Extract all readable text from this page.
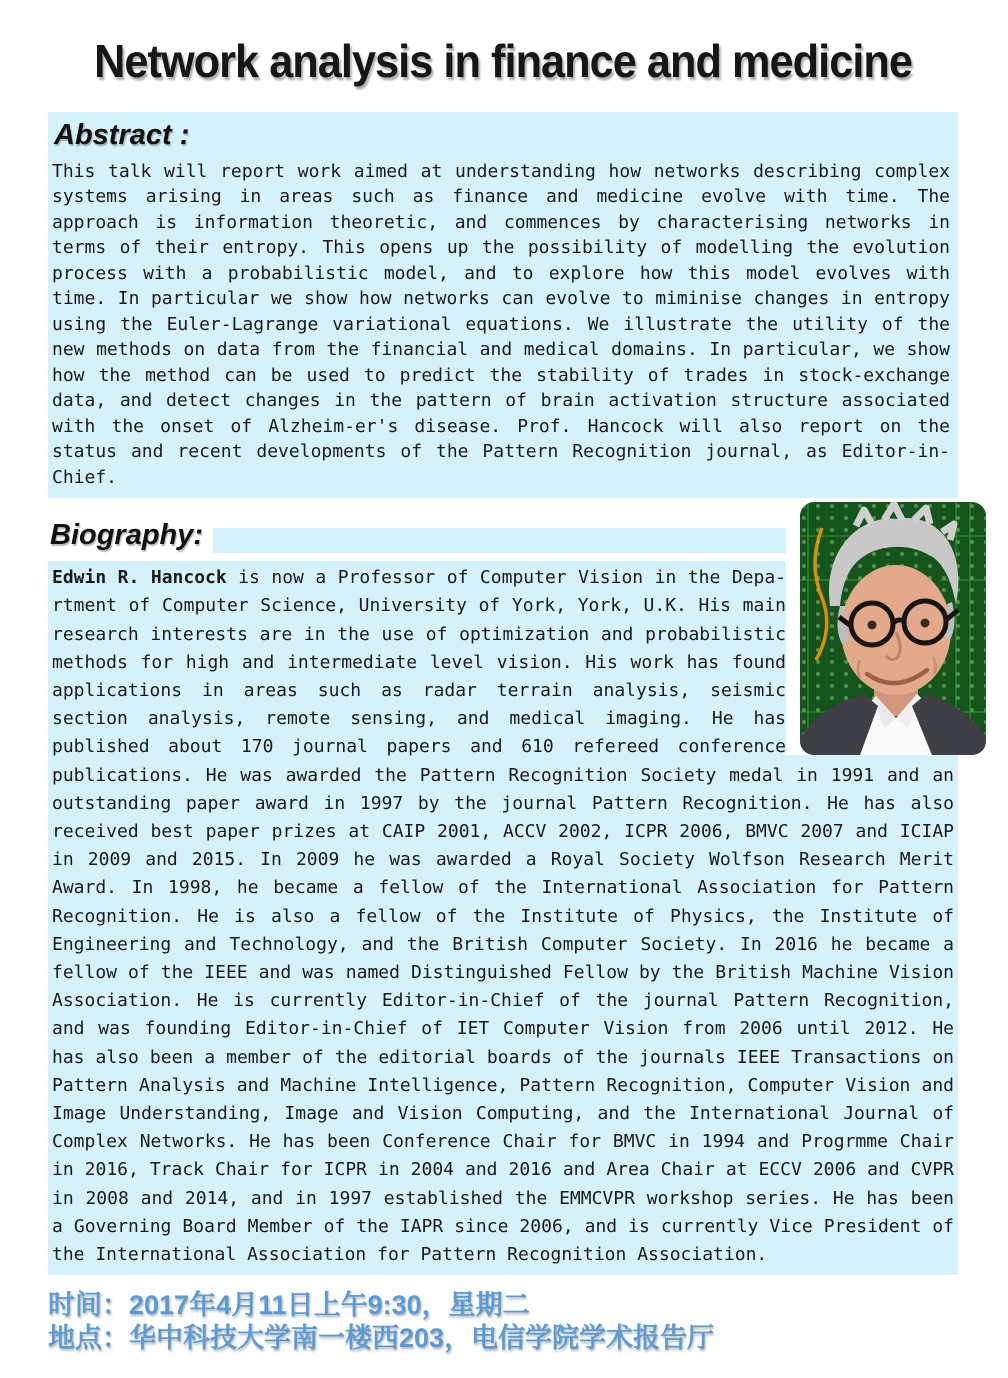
Network analysis in finance and medicine
Abstract :

This talk will report work aimed at understanding how networks describing complex systems arising in areas such as finance and medicine evolve with time. The approach is information theoretic, and commences by characterising networks in terms of their entropy. This opens up the possibility of modelling the evolution process with a probabilistic model, and to explore how this model evolves with time. In particular we show how networks can evolve to miminise changes in entropy using the Euler-Lagrange variational equations. We illustrate the utility of the new methods on data from the financial and medical domains. In particular, we show how the method can be used to predict the stability of trades in stock-exchange data, and detect changes in the pattern of brain activation structure associated with the onset of Alzheim-er's disease. Prof. Hancock will also report on the status and recent developments of the Pattern Recognition journal, as Editor-in-Chief.

Biography:

Edwin R. Hancock is now a Professor of Computer Vision in the Depa-rtment of Computer Science, University of York, York, U.K. His main research interests are in the use of optimization and probabilistic methods for high and intermediate level vision. His work has found applications in areas such as radar terrain analysis, seismic section analysis, remote sensing, and medical imaging. He has published about 170 journal papers and 610 refereed conference publications. He was awarded the Pattern Recognition Society medal in 1991 and an outstanding paper award in 1997 by the journal Pattern Recognition. He has also received best paper prizes at CAIP 2001, ACCV 2002, ICPR 2006, BMVC 2007 and ICIAP in 2009 and 2015. In 2009 he was awarded a Royal Society Wolfson Research Merit Award. In 1998, he became a fellow of the International Association for Pattern Recognition. He is also a fellow of the Institute of Physics, the Institute of Engineering and Technology, and the British Computer Society. In 2016 he became a fellow of the IEEE and was named Distinguished Fellow by the British Machine Vision Association. He is currently Editor-in-Chief of the journal Pattern Recognition, and was founding Editor-in-Chief of IET Computer Vision from 2006 until 2012. He has also been a member of the editorial boards of the journals IEEE Transactions on Pattern Analysis and Machine Intelligence, Pattern Recognition, Computer Vision and Image Understanding, Image and Vision Computing, and the International Journal of Complex Networks. He has been Conference Chair for BMVC in 1994 and Progrmme Chair in 2016, Track Chair for ICPR in 2004 and 2016 and Area Chair at ECCV 2006 and CVPR in 2008 and 2014, and in 1997 established the EMMCVPR workshop series. He has been a Governing Board Member of the IAPR since 2006, and is currently Vice President of the International Association for Pattern Recognition Association.

时间：2017年4月11日上午9:30，星期二
地点：华中科技大学南一楼西203，电信学院学术报告厅
